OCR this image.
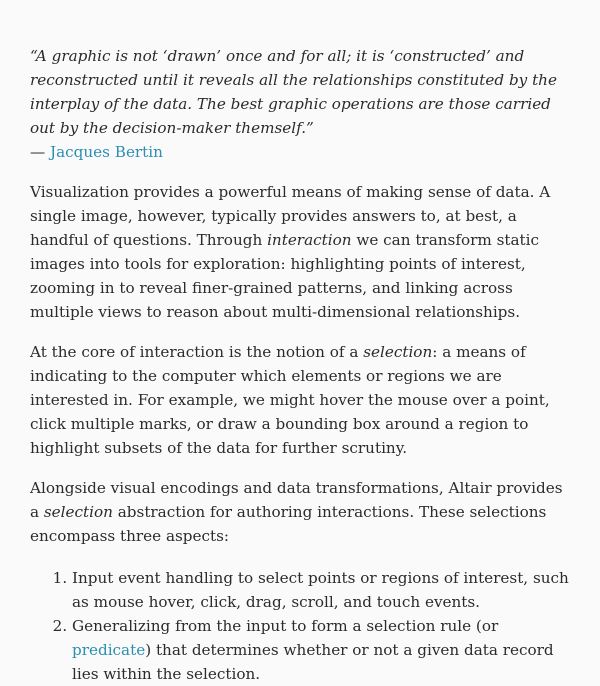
“A graphic is not ‘drawn’ once and for all; it is ‘constructed’ and reconstructed until it reveals all the relationships constituted by the interplay of the data. The best graphic operations are those carried out by the decision-maker themself.”

— Jacques Bertin

Visualization provides a powerful means of making sense of data. A single image, however, typically provides answers to, at best, a handful of questions. Through interaction we can transform static images into tools for exploration: highlighting points of interest, zooming in to reveal finer-grained patterns, and linking across multiple views to reason about multi-dimensional relationships.

At the core of interaction is the notion of a selection: a means of indicating to the computer which elements or regions we are interested in. For example, we might hover the mouse over a point, click multiple marks, or draw a bounding box around a region to highlight subsets of the data for further scrutiny.

Alongside visual encodings and data transformations, Altair provides a selection abstraction for authoring interactions. These selections encompass three aspects:

1. Input event handling to select points or regions of interest, such as mouse hover, click, drag, scroll, and touch events.
2. Generalizing from the input to form a selection rule (or predicate) that determines whether or not a given data record lies within the selection.
